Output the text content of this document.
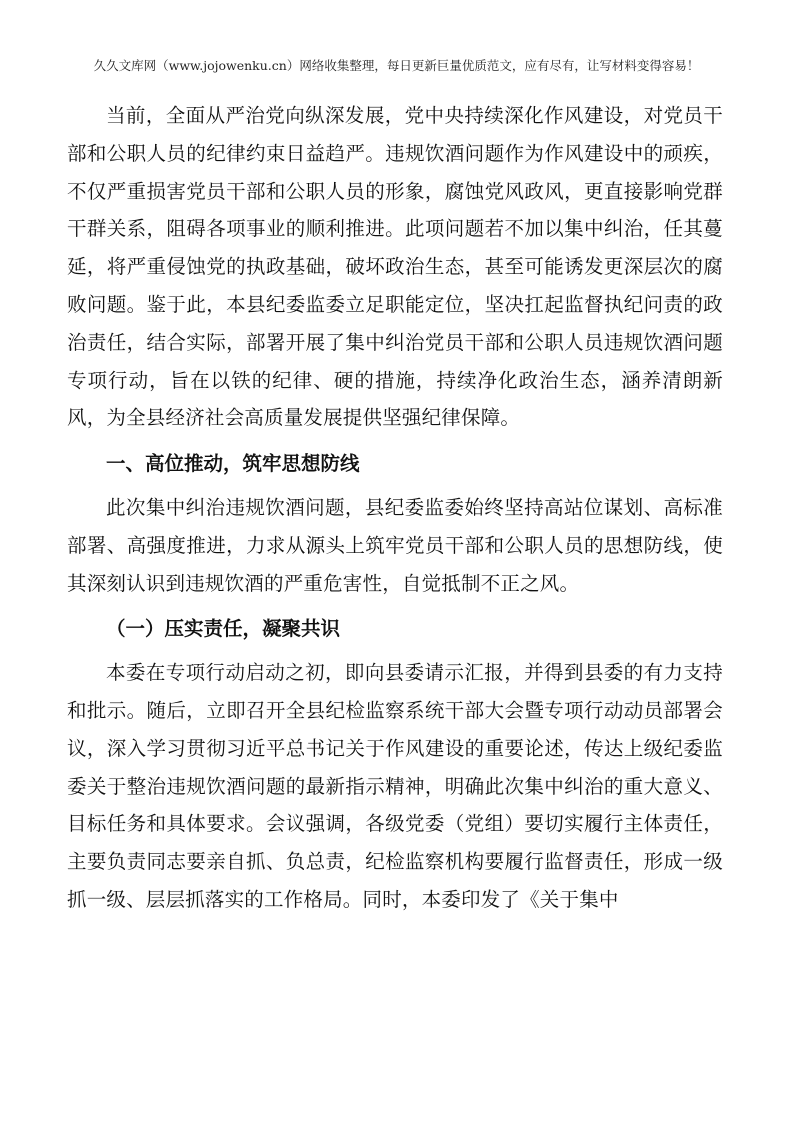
久久文库网（www.jojowenku.cn）网络收集整理，每日更新巨量优质范文，应有尽有，让写材料变得容易！

当前，全面从严治党向纵深发展，党中央持续深化作风建设，对党员干部和公职人员的纪律约束日益趋严。违规饮酒问题作为作风建设中的顽疾，不仅严重损害党员干部和公职人员的形象，腐蚀党风政风，更直接影响党群干群关系，阻碍各项事业的顺利推进。此项问题若不加以集中纠治，任其蔓延，将严重侵蚀党的执政基础，破坏政治生态，甚至可能诱发更深层次的腐败问题。鉴于此，本县纪委监委立足职能定位，坚决扛起监督执纪问责的政治责任，结合实际，部署开展了集中纠治党员干部和公职人员违规饮酒问题专项行动，旨在以铁的纪律、硬的措施，持续净化政治生态，涵养清朗新风，为全县经济社会高质量发展提供坚强纪律保障。

一、高位推动，筑牢思想防线

此次集中纠治违规饮酒问题，县纪委监委始终坚持高站位谋划、高标准部署、高强度推进，力求从源头上筑牢党员干部和公职人员的思想防线，使其深刻认识到违规饮酒的严重危害性，自觉抵制不正之风。

（一）压实责任，凝聚共识

本委在专项行动启动之初，即向县委请示汇报，并得到县委的有力支持和批示。随后，立即召开全县纪检监察系统干部大会暨专项行动动员部署会议，深入学习贯彻习近平总书记关于作风建设的重要论述，传达上级纪委监委关于整治违规饮酒问题的最新指示精神，明确此次集中纠治的重大意义、目标任务和具体要求。会议强调，各级党委（党组）要切实履行主体责任，主要负责同志要亲自抓、负总责，纪检监察机构要履行监督责任，形成一级抓一级、层层抓落实的工作格局。同时，本委印发了《关于集中
